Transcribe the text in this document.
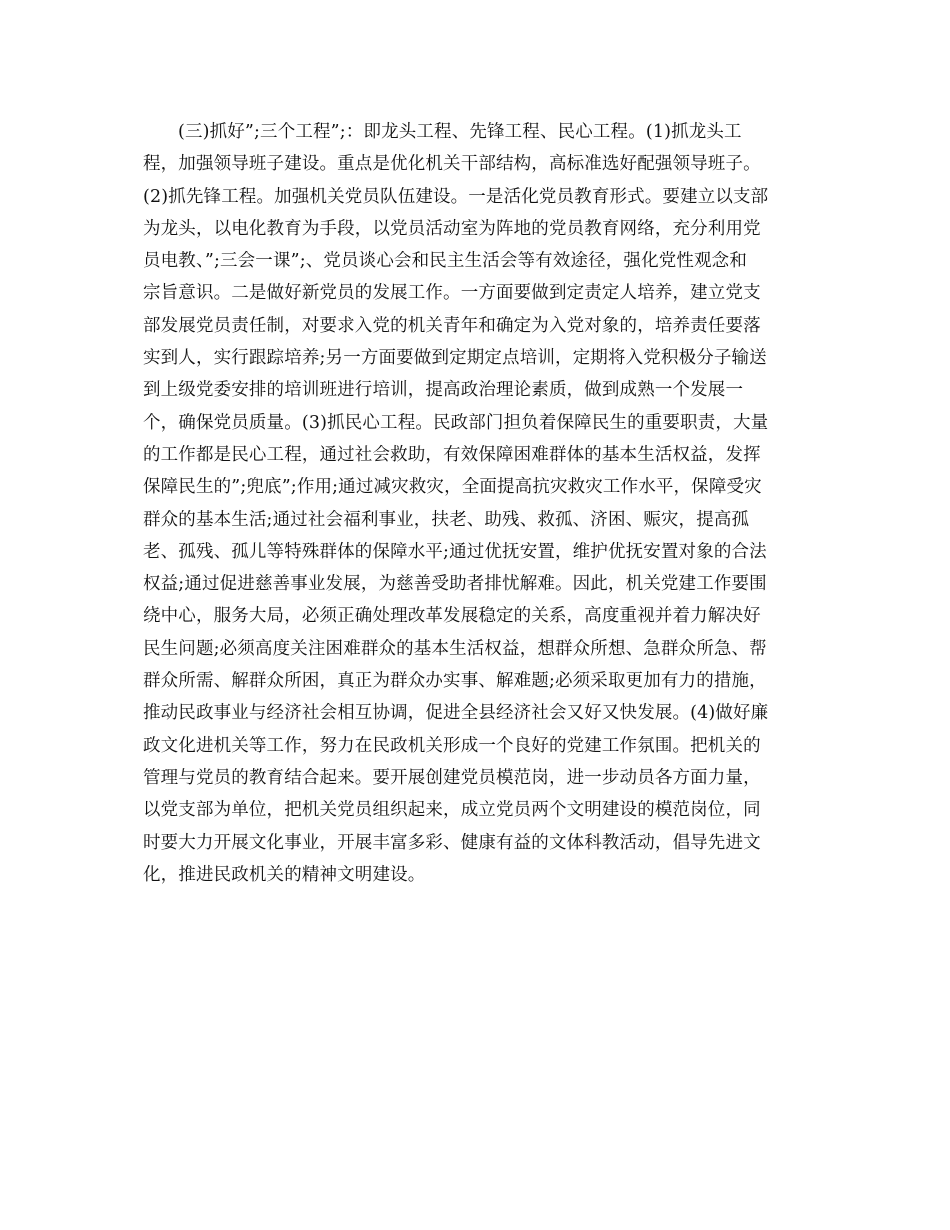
(三)抓好”;三个工程”;：即龙头工程、先锋工程、民心工程。(1)抓龙头工
程，加强领导班子建设。重点是优化机关干部结构，高标准选好配强领导班子。
(2)抓先锋工程。加强机关党员队伍建设。一是活化党员教育形式。要建立以支部
为龙头，以电化教育为手段，以党员活动室为阵地的党员教育网络，充分利用党
员电教、”;三会一课”;、党员谈心会和民主生活会等有效途径，强化党性观念和
宗旨意识。二是做好新党员的发展工作。一方面要做到定责定人培养，建立党支
部发展党员责任制，对要求入党的机关青年和确定为入党对象的，培养责任要落
实到人，实行跟踪培养;另一方面要做到定期定点培训，定期将入党积极分子输送
到上级党委安排的培训班进行培训，提高政治理论素质，做到成熟一个发展一
个，确保党员质量。(3)抓民心工程。民政部门担负着保障民生的重要职责，大量
的工作都是民心工程，通过社会救助，有效保障困难群体的基本生活权益，发挥
保障民生的”;兜底”;作用;通过减灾救灾，全面提高抗灾救灾工作水平，保障受灾
群众的基本生活;通过社会福利事业，扶老、助残、救孤、济困、赈灾，提高孤
老、孤残、孤儿等特殊群体的保障水平;通过优抚安置，维护优抚安置对象的合法
权益;通过促进慈善事业发展，为慈善受助者排忧解难。因此，机关党建工作要围
绕中心，服务大局，必须正确处理改革发展稳定的关系，高度重视并着力解决好
民生问题;必须高度关注困难群众的基本生活权益，想群众所想、急群众所急、帮
群众所需、解群众所困，真正为群众办实事、解难题;必须采取更加有力的措施，
推动民政事业与经济社会相互协调，促进全县经济社会又好又快发展。(4)做好廉
政文化进机关等工作，努力在民政机关形成一个良好的党建工作氛围。把机关的
管理与党员的教育结合起来。要开展创建党员模范岗，进一步动员各方面力量，
以党支部为单位，把机关党员组织起来，成立党员两个文明建设的模范岗位，同
时要大力开展文化事业，开展丰富多彩、健康有益的文体科教活动，倡导先进文
化，推进民政机关的精神文明建设。
